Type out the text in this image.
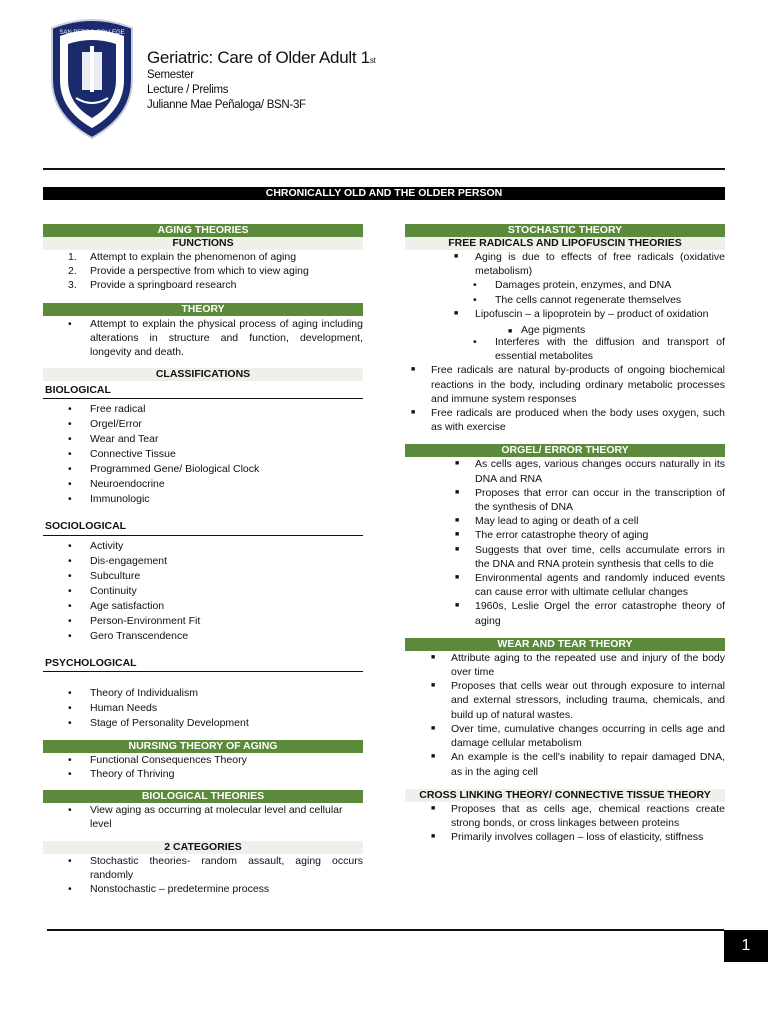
SAN PEDRO COLLEGE
Geriatric: Care of Older Adult 1st
Semester
Lecture / Prelims
Julianne Mae Peñaloga/ BSN-3F
CHRONICALLY OLD AND THE OLDER PERSON
AGING THEORIES
FUNCTIONS
1. Attempt to explain the phenomenon of aging
2. Provide a perspective from which to view aging
3. Provide a springboard research
THEORY
• Attempt to explain the physical process of aging including alterations in structure and function, development, longevity and death.
CLASSIFICATIONS
BIOLOGICAL
• Free radical
• Orgel/Error
• Wear and Tear
• Connective Tissue
• Programmed Gene/ Biological Clock
• Neuroendocrine
• Immunologic
SOCIOLOGICAL
• Activity
• Dis-engagement
• Subculture
• Continuity
• Age satisfaction
• Person-Environment Fit
• Gero Transcendence
PSYCHOLOGICAL
• Theory of Individualism
• Human Needs
• Stage of Personality Development
NURSING THEORY OF AGING
• Functional Consequences Theory
• Theory of Thriving
BIOLOGICAL THEORIES
• View aging as occurring at molecular level and cellular level
2 CATEGORIES
• Stochastic theories- random assault, aging occurs randomly
• Nonstochastic – predetermine process
STOCHASTIC THEORY
FREE RADICALS AND LIPOFUSCIN THEORIES
■	Aging is due to effects of free radicals (oxidative metabolism)
• Damages protein, enzymes, and DNA
• The cells cannot regenerate themselves
■	Lipofuscin – a lipoprotein by – product of oxidation
■ Age pigments
• Interferes with the diffusion and transport of essential metabolites
■ Free radicals are natural by-products of ongoing biochemical reactions in the body, including ordinary metabolic processes and immune system responses
■ Free radicals are produced when the body uses oxygen, such as with exercise
ORGEL/ ERROR THEORY
■ As cells ages, various changes occurs naturally in its DNA and RNA
■ Proposes that error can occur in the transcription of the synthesis of DNA
■ May lead to aging or death of a cell
■ The error catastrophe theory of aging
■ Suggests that over time, cells accumulate errors in the DNA and RNA protein synthesis that cells to die
■ Environmental agents and randomly induced events can cause error with ultimate cellular changes
■ 1960s, Leslie Orgel the error catastrophe theory of aging
WEAR AND TEAR THEORY
■ Attribute aging to the repeated use and injury of the body over time
■ Proposes that cells wear out through exposure to internal and external stressors, including trauma, chemicals, and build up of natural wastes.
■ Over time, cumulative changes occurring in cells age and damage cellular metabolism
■ An example is the cell's inability to repair damaged DNA, as in the aging cell
CROSS LINKING THEORY/ CONNECTIVE TISSUE THEORY
■ Proposes that as cells age, chemical reactions create strong bonds, or cross linkages between proteins
■ Primarily involves collagen – loss of elasticity, stiffness
1
